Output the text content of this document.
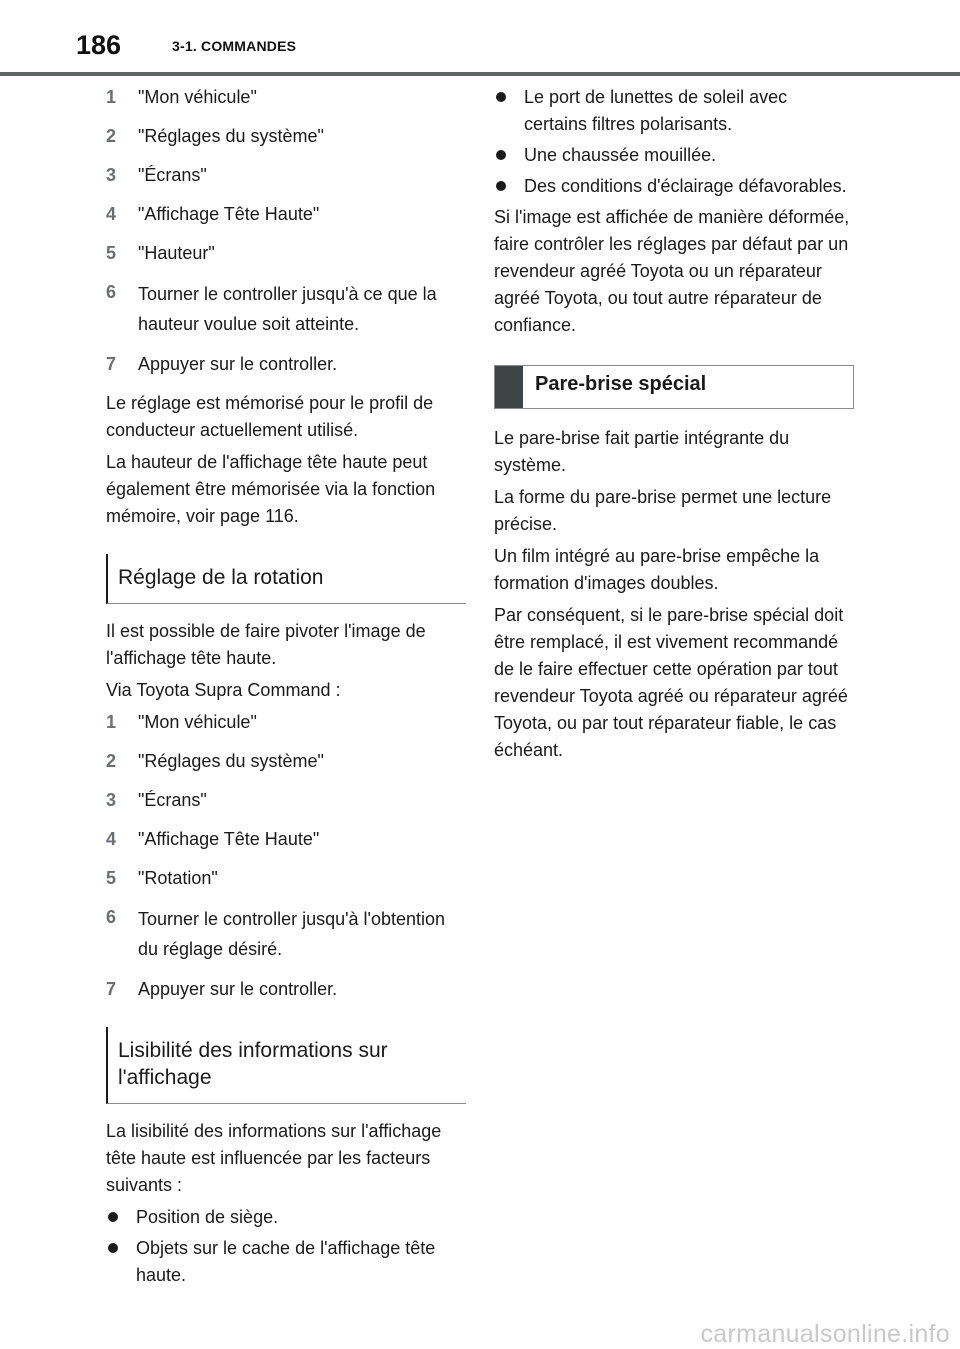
186	3-1. COMMANDES
1	"Mon véhicule"
2	"Réglages du système"
3	"Écrans"
4	"Affichage Tête Haute"
5	"Hauteur"
6	Tourner le controller jusqu'à ce que la hauteur voulue soit atteinte.
7	Appuyer sur le controller.

Le réglage est mémorisé pour le profil de conducteur actuellement utilisé.

La hauteur de l'affichage tête haute peut également être mémorisée via la fonction mémoire, voir page 116.

Réglage de la rotation

Il est possible de faire pivoter l'image de l'affichage tête haute.

Via Toyota Supra Command :

1	"Mon véhicule"
2	"Réglages du système"
3	"Écrans"
4	"Affichage Tête Haute"
5	"Rotation"
6	Tourner le controller jusqu'à l'obtention du réglage désiré.
7	Appuyer sur le controller.
Lisibilité des informations sur l'affichage

La lisibilité des informations sur l'affichage tête haute est influencée par les facteurs suivants :

Position de siège.
Objets sur le cache de l'affichage tête haute.
Le port de lunettes de soleil avec certains filtres polarisants.
Une chaussée mouillée.
Des conditions d'éclairage défavorables.

Si l'image est affichée de manière déformée, faire contrôler les réglages par défaut par un revendeur agréé Toyota ou un réparateur agréé Toyota, ou tout autre réparateur de confiance.

Pare-brise spécial

Le pare-brise fait partie intégrante du système.

La forme du pare-brise permet une lecture précise.

Un film intégré au pare-brise empêche la formation d'images doubles.

Par conséquent, si le pare-brise spécial doit être remplacé, il est vivement recommandé de le faire effectuer cette opération par tout revendeur Toyota agréé ou réparateur agréé Toyota, ou par tout réparateur fiable, le cas échéant.

carmanualsonline.info
